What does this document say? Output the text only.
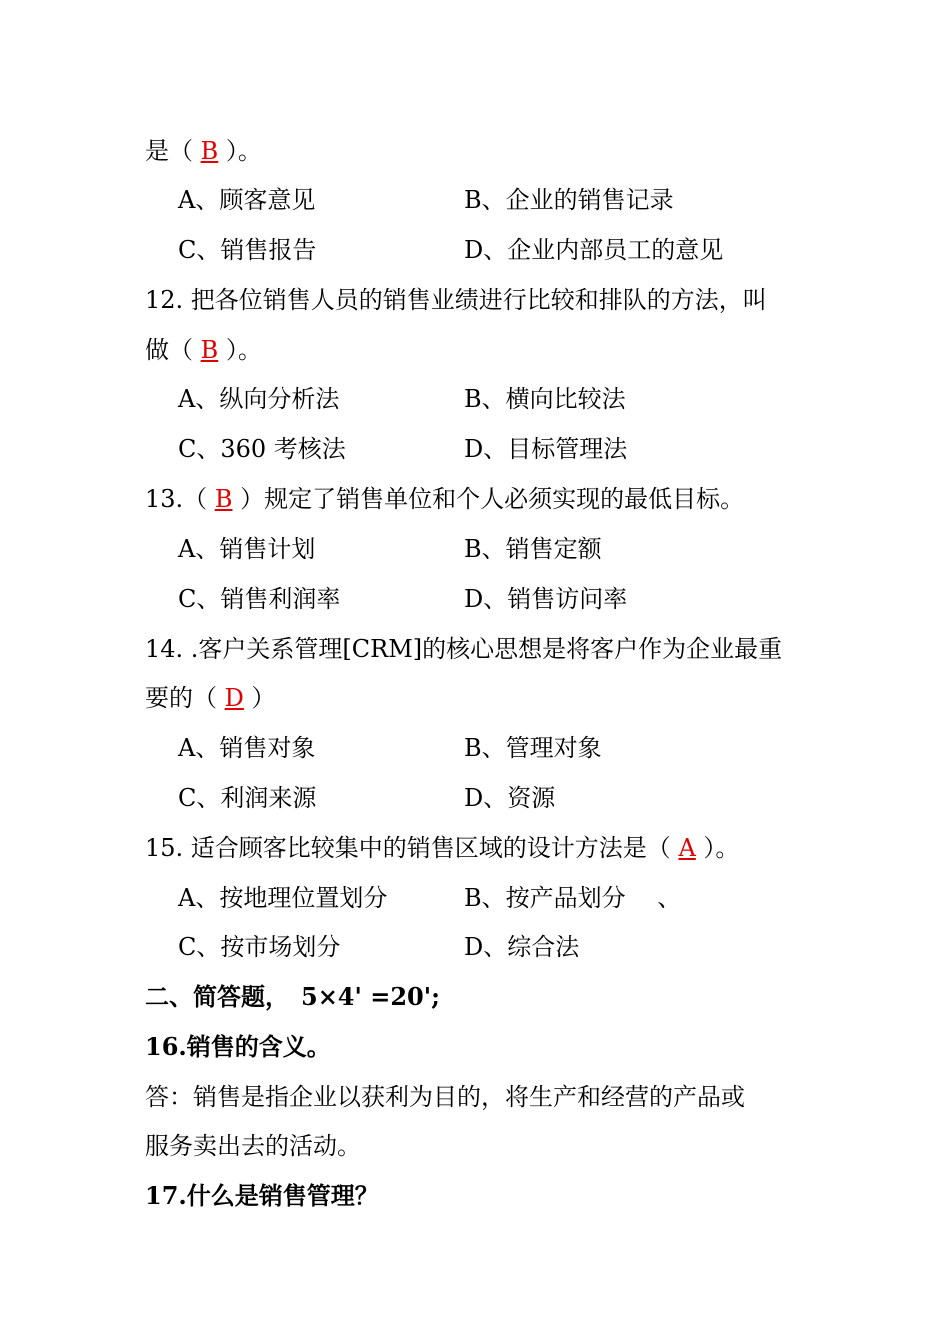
是（ B ）。
A、顾客意见	B、企业的销售记录
C、销售报告	D、企业内部员工的意见
12. 把各位销售人员的销售业绩进行比较和排队的方法，叫
做（ B ）。
A、纵向分析法	B、横向比较法
C、360 考核法	D、目标管理法
13.（ B ）规定了销售单位和个人必须实现的最低目标。
A、销售计划	B、销售定额
C、销售利润率	D、销售访问率
14. .客户关系管理[CRM]的核心思想是将客户作为企业最重
要的（ D ）
A、销售对象	B、管理对象
C、利润来源	D、资源
15. 适合顾客比较集中的销售区域的设计方法是（ A ）。
A、按地理位置划分	B、按产品划分　 、
C、按市场划分	D、综合法
二、简答题，　5×4' =20';
16.销售的含义。
答：销售是指企业以获利为目的，将生产和经营的产品或
服务卖出去的活动。
17.什么是销售管理？
